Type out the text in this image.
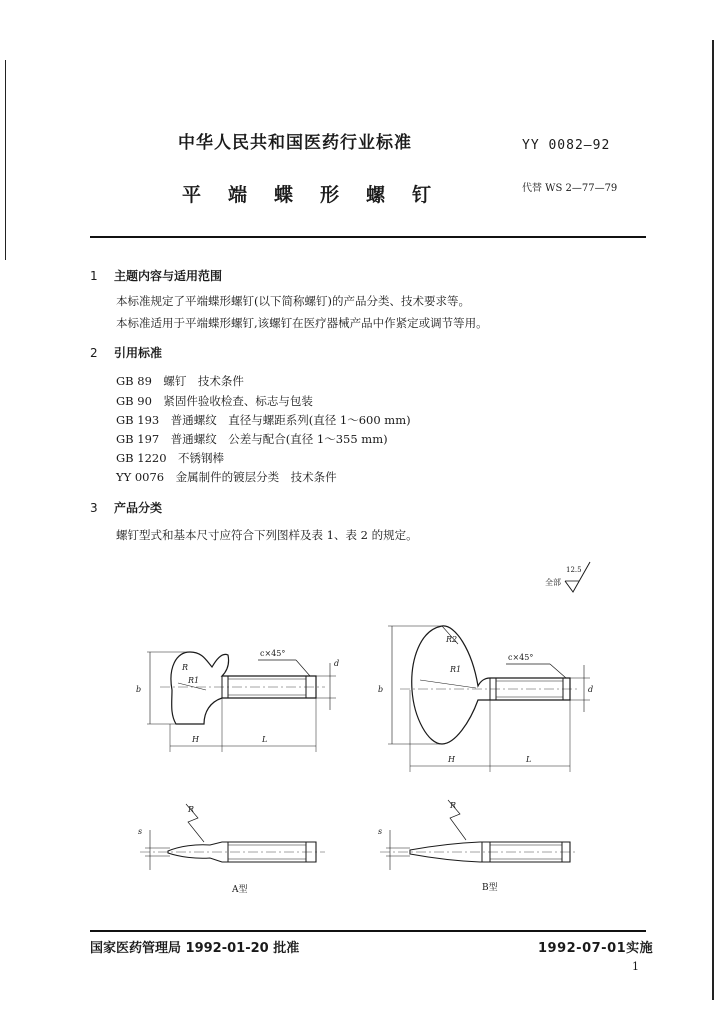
中华人民共和国医药行业标准	YY 0082—92
平端蝶形螺钉	代替 WS 2—77—79
1 主题内容与适用范围
本标准规定了平端蝶形螺钉(以下简称螺钉)的产品分类、技术要求等。
本标准适用于平端蝶形螺钉,该螺钉在医疗器械产品中作紧定或调节等用。
2 引用标准
GB 89　螺钉　技术条件
GB 90　紧固件验收检查、标志与包装
GB 193　普通螺纹　直径与螺距系列(直径 1～600 mm)
GB 197　普通螺纹　公差与配合(直径 1～355 mm)
GB 1220　不锈钢棒
YY 0076　金属制件的镀层分类　技术条件
3 产品分类
螺钉型式和基本尺寸应符合下列图样及表 1、表 2 的规定。
全部
12.5
c×45°	c×45°
b	b
d
d
H	L
H	L
R
R1
R2
R1
R	R
s	s
A型	B型
国家医药管理局 1992-01-20 批准	1992-07-01实施
1
